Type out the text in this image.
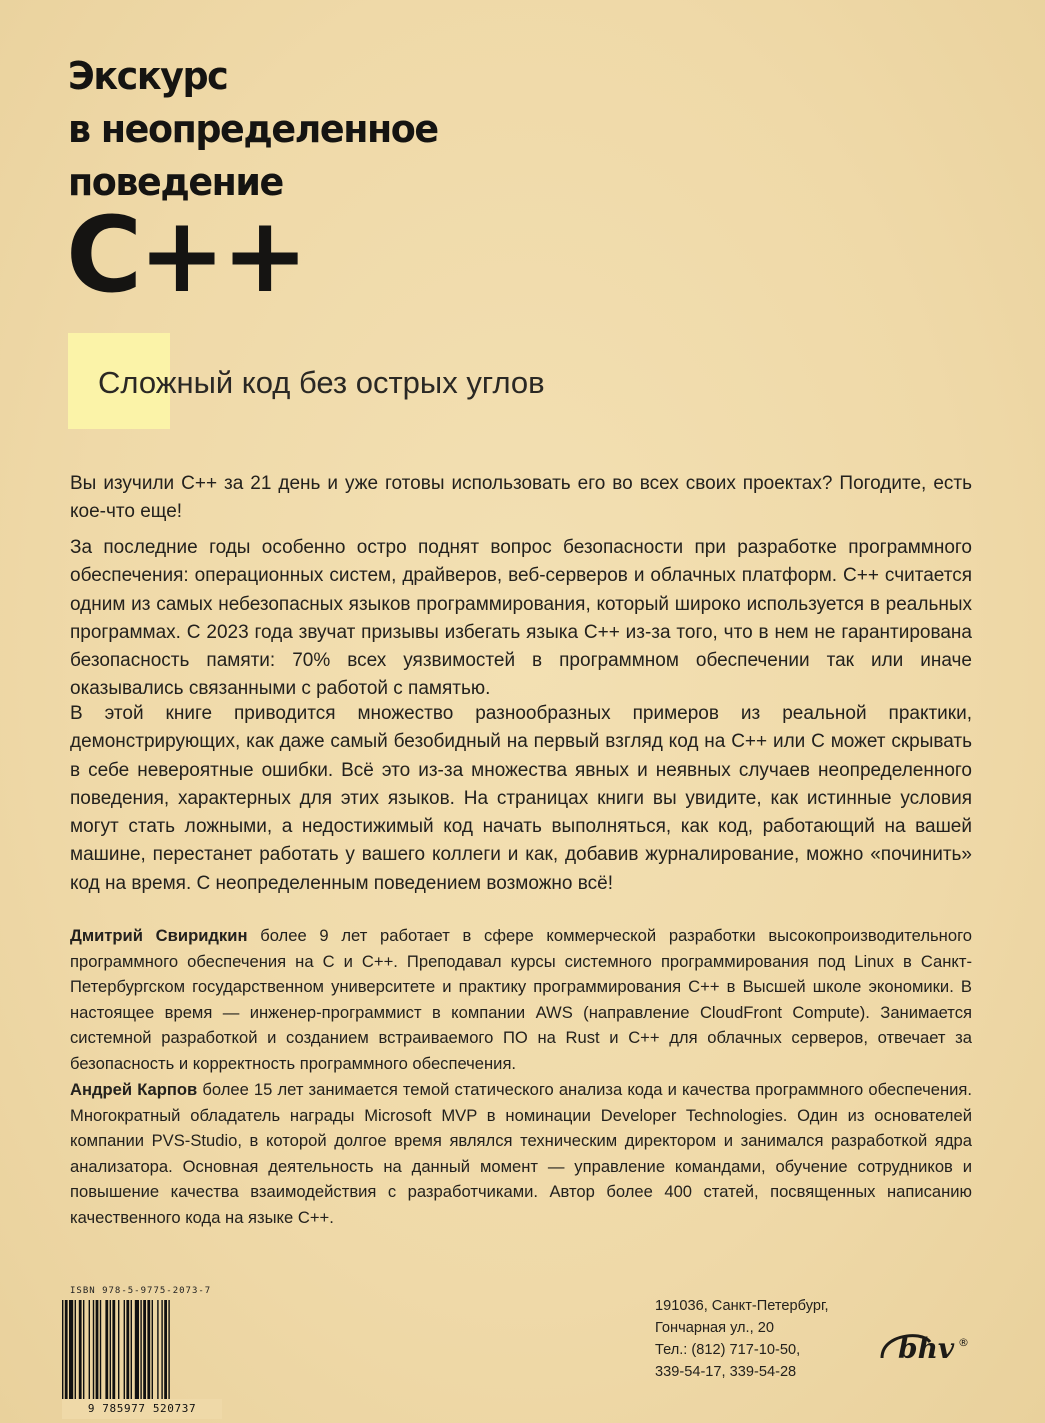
Экскурс
в неопределенное
поведение
C++
Сложный код без острых углов

Вы изучили C++ за 21 день и уже готовы использовать его во всех своих проектах? Погодите, есть кое-что еще!

За последние годы особенно остро поднят вопрос безопасности при разработке программного обеспечения: операционных систем, драйверов, веб-серверов и облачных платформ. C++ считается одним из самых небезопасных языков программирования, который широко используется в реальных программах. С 2023 года звучат призывы избегать языка C++ из-за того, что в нем не гарантирована безопасность памяти: 70% всех уязвимостей в программном обеспечении так или иначе оказывались связанными с работой с памятью.

В этой книге приводится множество разнообразных примеров из реальной практики, демонстрирующих, как даже самый безобидный на первый взгляд код на C++ или C может скрывать в себе невероятные ошибки. Всё это из-за множества явных и неявных случаев неопределенного поведения, характерных для этих языков. На страницах книги вы увидите, как истинные условия могут стать ложными, а недостижимый код начать выполняться, как код, работающий на вашей машине, перестанет работать у вашего коллеги и как, добавив журналирование, можно «починить» код на время. С неопределенным поведением возможно всё!

Дмитрий Свиридкин более 9 лет работает в сфере коммерческой разработки высокопроизводительного программного обеспечения на C и C++. Преподавал курсы системного программирования под Linux в Санкт-Петербургском государственном университете и практику программирования C++ в Высшей школе экономики. В настоящее время — инженер-программист в компании AWS (направление CloudFront Compute). Занимается системной разработкой и созданием встраиваемого ПО на Rust и C++ для облачных серверов, отвечает за безопасность и корректность программного обеспечения.

Андрей Карпов более 15 лет занимается темой статического анализа кода и качества программного обеспечения. Многократный обладатель награды Microsoft MVP в номинации Developer Technologies. Один из основателей компании PVS-Studio, в которой долгое время являлся техническим директором и занимался разработкой ядра анализатора. Основная деятельность на данный момент — управление командами, обучение сотрудников и повышение качества взаимодействия с разработчиками. Автор более 400 статей, посвященных написанию качественного кода на языке C++.

ISBN 978-5-9775-2073-7
9 785977 520737
191036, Санкт-Петербург,
Гончарная ул., 20
Тел.: (812) 717-10-50,
339-54-17, 339-54-28
bhv ®
